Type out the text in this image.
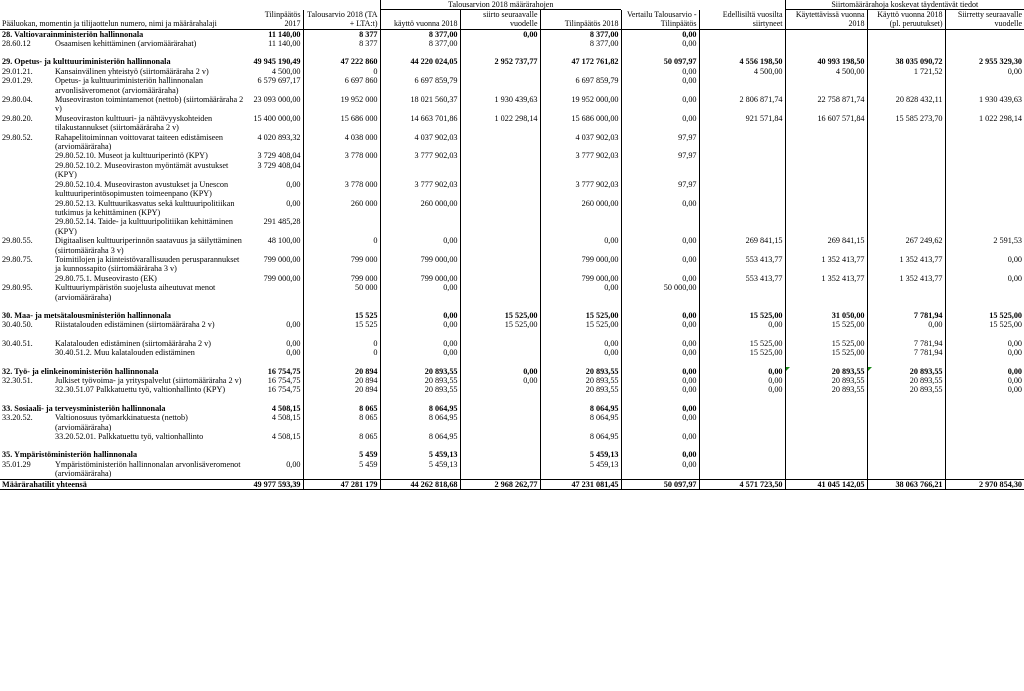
	Talousarvion 2018 määrärahojen		Siirtomäärärahoja koskevat täydentävät tiedot
Pääluokan, momentin ja tilijaottelun numero, nimi ja määrärahalaji		Tilinpäätös 2017	Talousarvio 2018 (TA + LTA:t)	käyttö vuonna 2018	siirto seuraavalle vuodelle	Tilinpäätös 2018	Vertailu Talousarvio - Tilinpäätös	Edellisiltä vuosilta siirtyneet	Käytettävissä vuonna 2018	Käyttö vuonna 2018 (pl. peruutukset)	Siirretty seuraavalle vuodelle
28. Valtiovarainministeriön hallinnonala		11 140,00	8 377	8 377,00	0,00	8 377,00	0,00				
28.60.12	Osaamisen kehittäminen (arviomäärärahat)	11 140,00	8 377	8 377,00		8 377,00	0,00				

29. Opetus- ja kulttuuriministeriön hallinnonala		49 945 190,49	47 222 860	44 220 024,05	2 952 737,77	47 172 761,82	50 097,97	4 556 198,50	40 993 198,50	38 035 090,72	2 955 329,30
29.01.21.	Kansainvälinen yhteistyö (siirtomääräraha 2 v)	4 500,00	0				0,00	4 500,00	4 500,00	1 721,52	0,00
29.01.29.	Opetus- ja kulttuuriministeriön hallinnonalan arvonlisäveromenot (arviomääräraha)	6 579 697,17	6 697 860	6 697 859,79		6 697 859,79	0,00				
29.80.04.	Museoviraston toimintamenot (nettob) (siirtomääräraha 2 v)	23 093 000,00	19 952 000	18 021 560,37	1 930 439,63	19 952 000,00	0,00	2 806 871,74	22 758 871,74	20 828 432,11	1 930 439,63
29.80.20.	Museoviraston kulttuuri- ja nähtävyyskohteiden tilakustannukset (siirtomääräraha 2 v)	15 400 000,00	15 686 000	14 663 701,86	1 022 298,14	15 686 000,00	0,00	921 571,84	16 607 571,84	15 585 273,70	1 022 298,14
29.80.52.	Rahapelitoiminnan voittovarat taiteen edistämiseen (arviomääräraha)	4 020 893,32	4 038 000	4 037 902,03		4 037 902,03	97,97				
	29.80.52.10. Museot ja kulttuuriperintö (KPY)	3 729 408,04	3 778 000	3 777 902,03		3 777 902,03	97,97				
	29.80.52.10.2. Museoviraston myöntämät avustukset (KPY)	3 729 408,04									
	29.80.52.10.4. Museoviraston avustukset ja Unescon kulttuuriperintösopimusten toimeenpano (KPY)	0,00	3 778 000	3 777 902,03		3 777 902,03	97,97				
	29.80.52.13. Kulttuurikasvatus sekä kulttuuripolitiikan tutkimus ja kehittäminen (KPY)	0,00	260 000	260 000,00		260 000,00	0,00				
	29.80.52.14. Taide- ja kulttuuripolitiikan kehittäminen (KPY)	291 485,28									
29.80.55.	Digitaalisen kulttuuriperinnön saatavuus ja säilyttäminen (siirtomääräraha 3 v)	48 100,00	0	0,00		0,00	0,00	269 841,15	269 841,15	267 249,62	2 591,53
29.80.75.	Toimitilojen ja kiinteistövarallisuuden perusparannukset ja kunnossapito (siirtomääräraha 3 v)	799 000,00	799 000	799 000,00		799 000,00	0,00	553 413,77	1 352 413,77	1 352 413,77	0,00
	29.80.75.1. Museovirasto (EK)	799 000,00	799 000	799 000,00		799 000,00	0,00	553 413,77	1 352 413,77	1 352 413,77	0,00
29.80.95.	Kulttuuriympäristön suojelusta aiheutuvat menot (arviomääräraha)		50 000	0,00		0,00	50 000,00				

30. Maa- ja metsätalousministeriön hallinnonala			15 525	0,00	15 525,00	15 525,00	0,00	15 525,00	31 050,00	7 781,94	15 525,00
30.40.50.	Riistatalouden edistäminen (siirtomääräraha 2 v)	0,00	15 525	0,00	15 525,00	15 525,00	0,00	0,00	15 525,00	0,00	15 525,00

30.40.51.	Kalatalouden edistäminen (siirtomääräraha 2 v)	0,00	0	0,00		0,00	0,00	15 525,00	15 525,00	7 781,94	0,00
	30.40.51.2. Muu kalatalouden edistäminen	0,00	0	0,00		0,00	0,00	15 525,00	15 525,00	7 781,94	0,00

32. Työ- ja elinkeinoministeriön hallinnonala		16 754,75	20 894	20 893,55	0,00	20 893,55	0,00	0,00	20 893,55	20 893,55	0,00
32.30.51.	Julkiset työvoima- ja yrityspalvelut (siirtomääräraha 2 v)	16 754,75	20 894	20 893,55	0,00	20 893,55	0,00	0,00	20 893,55	20 893,55	0,00
	32.30.51.07 Palkkatuettu työ, valtionhallinto (KPY)	16 754,75	20 894	20 893,55		20 893,55	0,00	0,00	20 893,55	20 893,55	0,00

33. Sosiaali- ja terveysministeriön hallinnonala		4 508,15	8 065	8 064,95		8 064,95	0,00				
33.20.52.	Valtionosuus työmarkkinatuesta (nettob) (arviomääräraha)	4 508,15	8 065	8 064,95		8 064,95	0,00				
	33.20.52.01. Palkkatuettu työ, valtionhallinto	4 508,15	8 065	8 064,95		8 064,95	0,00				

35. Ympäristöministeriön hallinnonala			5 459	5 459,13		5 459,13	0,00				
35.01.29	Ympäristöministeriön hallinnonalan arvonlisäveromenot (arviomääräraha)	0,00	5 459	5 459,13		5 459,13	0,00				
Määrärahatilit yhteensä		49 977 593,39	47 281 179	44 262 818,68	2 968 262,77	47 231 081,45	50 097,97	4 571 723,50	41 045 142,05	38 063 766,21	2 970 854,30
